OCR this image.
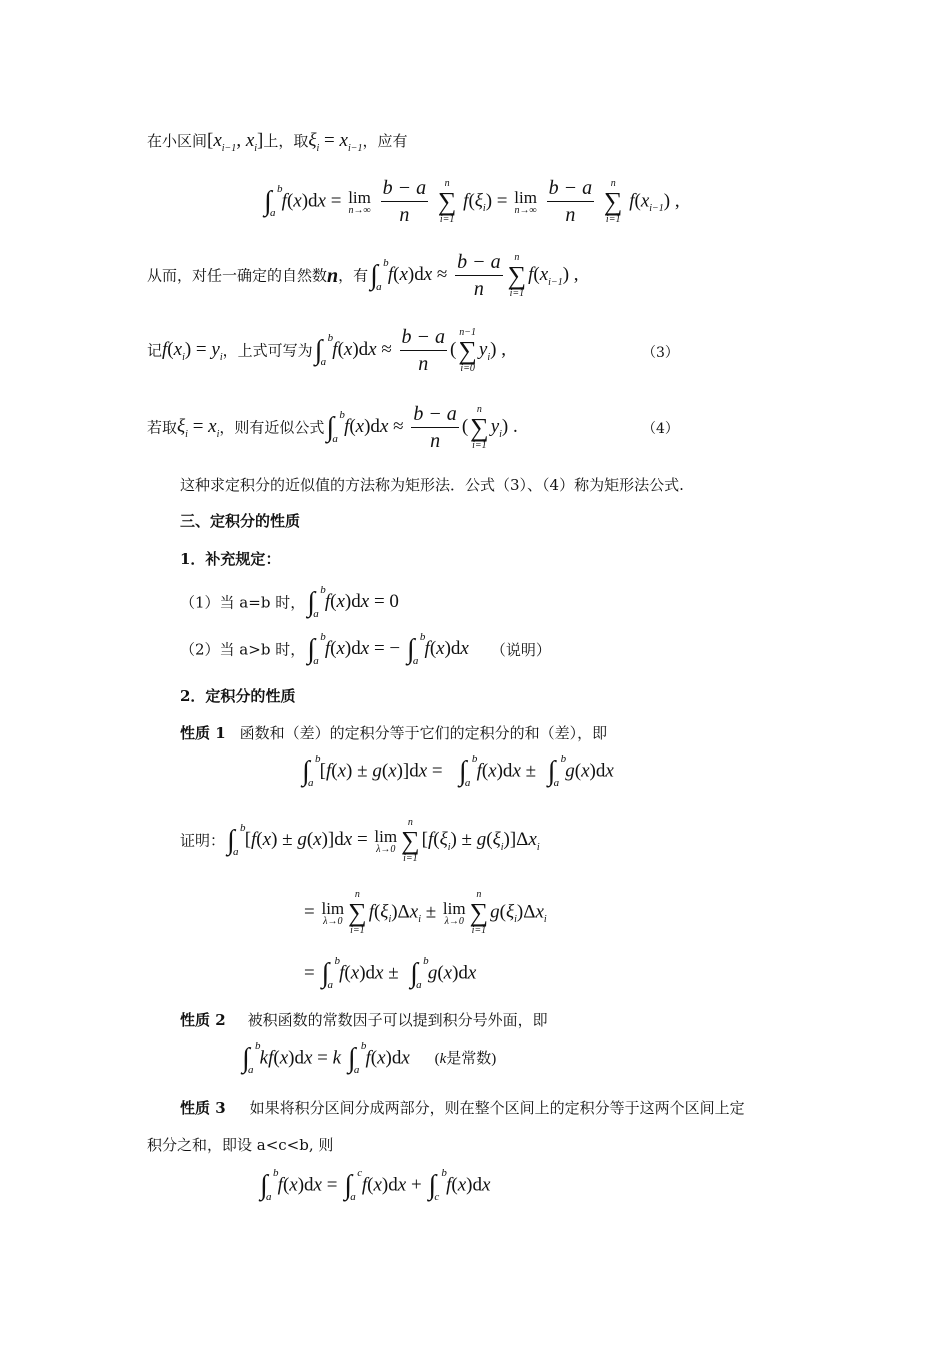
在小区间[$x_{i-1}$, $x_i$]上，取$\xi_i = x_{i-1}$，应有
∫ b
a
f(x)dx = lim
n→∞
$\frac{b - a}{n}$
n
∑
i=1
$f(\xi_i) = \lim$
n→∞
$\frac{b - a}{n}$
n
∑
i=1
$f(x_{i-1})$ ,
从而，对任一确定的自然数n，有∫ b
a
$f(x)dx \approx \frac{b - a}{n}$ n
∑
i=1
$f(x_{i-1})$ ,
记$f(x_i) = y_i$，上式可写为∫ b
a
$f(x)dx \approx \frac{b - a}{n}$ (
n−1
∑
i=0
$y_i$) ,	（3）
若取$\xi_i = x_i$，则有近似公式∫ b
a
$f(x)dx \approx \frac{b - a}{n}$ (
n
∑
i=1
$y_i$) .	（4）
这种求定积分的近似值的方法称为矩形法．公式（3）、（4）称为矩形法公式.
三、定积分的性质
1．补充规定：
（1）当 a=b 时，∫ b
a
f(x)dx = 0
（2）当 a>b 时，∫ b
a
f(x)dx = − ∫ b
a
f(x)dx （说明）
2．定积分的性质
性质 1 函数和（差）的定积分等于它们的定积分的和（差），即
∫ b
a
[f(x) ± g(x)]dx =   ∫ b
a
f(x)dx ±  ∫ b
a
g(x)dx
证明：∫ b
a
[f(x) ± g(x)]dx = lim
λ→0
n
∑
i=1
$[f(\xi_i) \pm g(\xi_i)]\Delta x_i$
= lim
λ→0
n
∑
i=1
$f(\xi_i)\Delta x_i \pm \lim$
λ→0
n
∑
i=1
$g(\xi_i)\Delta x_i$
= ∫ b
a
f(x)dx ±  ∫ b
a
g(x)dx
性质 2 被积函数的常数因子可以提到积分号外面，即
∫ b
a
kf(x)dx = k ∫ b
a
f(x)dx (k是常数)
性质 3 如果将积分区间分成两部分，则在整个区间上的定积分等于这两个区间上定
积分之和，即设 a<c<b, 则
∫ b
a
f(x)dx = ∫ c
a
f(x)dx + ∫ b
c
f(x)dx
